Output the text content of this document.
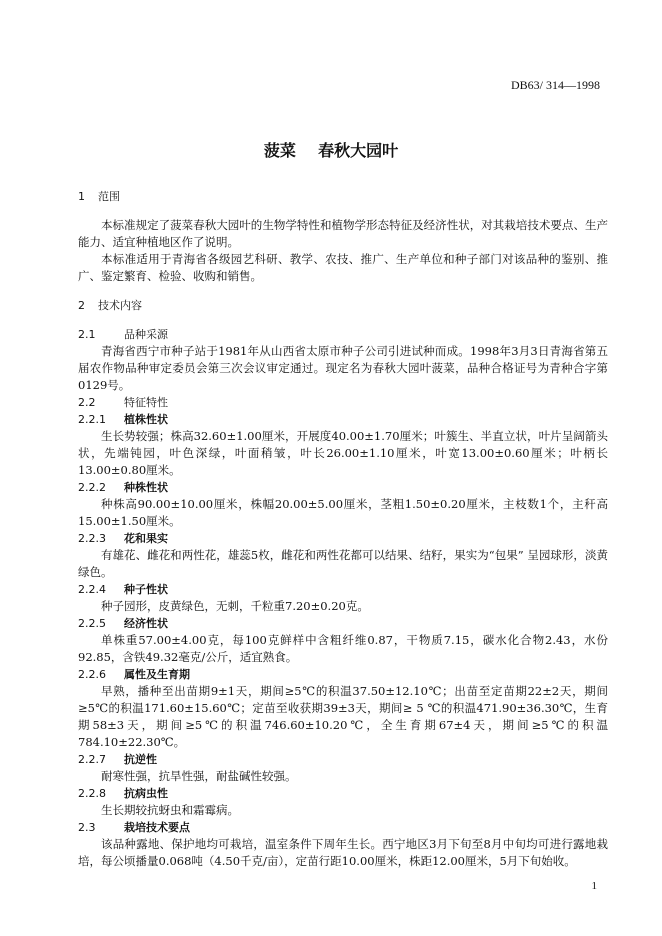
DB63/ 314—1998
菠菜    春秋大园叶
1 范围

本标准规定了菠菜春秋大园叶的生物学特性和植物学形态特征及经济性状，对其栽培技术要点、生产能力、适宜种植地区作了说明。

本标准适用于青海省各级园艺科研、教学、农技、推广、生产单位和种子部门对该品种的鉴别、推广、鉴定繁育、检验、收购和销售。

2 技术内容
2.1	品种采源

青海省西宁市种子站于1981年从山西省太原市种子公司引进试种而成。1998年3月3日青海省第五届农作物品种审定委员会第三次会议审定通过。现定名为春秋大园叶菠菜，品种合格证号为青种合字第0129号。

2.2	特征特性
2.2.1 植株性状

生长势较强；株高32.60±1.00厘米，开展度40.00±1.70厘米；叶簇生、半直立状，叶片呈阔箭头状，先端钝园，叶色深绿，叶面稍皱，叶长26.00±1.10厘米，叶宽13.00±0.60厘米；叶柄长13.00±0.80厘米。

2.2.2 种株性状

种株高90.00±10.00厘米，株幅20.00±5.00厘米，茎粗1.50±0.20厘米，主枝数1个，主秆高15.00±1.50厘米。

2.2.3 花和果实

有雄花、雌花和两性花，雄蕊5枚，雌花和两性花都可以结果、结籽，果实为“包果” 呈园球形，淡黄绿色。

2.2.4 种子性状

种子园形，皮黄绿色，无刺，千粒重7.20±0.20克。

2.2.5 经济性状

单株重57.00±4.00克，每100克鲜样中含粗纤维0.87，干物质7.15，碳水化合物2.43，水份92.85，含铁49.32毫克/公斤，适宜熟食。

2.2.6 属性及生育期

早熟，播种至出苗期9±1天，期间≥5℃的积温37.50±12.10℃；出苗至定苗期22±2天，期间≥5℃的积温171.60±15.60℃；定苗至收获期39±3天，期间≥ 5 ℃的积温471.90±36.30℃，生育期58±3天，期间≥5℃的积温746.60±10.20℃，全生育期67±4天，期间≥5℃的积温784.10±22.30℃。

2.2.7 抗逆性

耐寒性强，抗旱性强，耐盐碱性较强。

2.2.8 抗病虫性

生长期较抗蚜虫和霜霉病。

2.3	栽培技术要点

该品种露地、保护地均可栽培，温室条件下周年生长。西宁地区3月下旬至8月中旬均可进行露地栽培，每公顷播量0.068吨（4.50千克/亩），定苗行距10.00厘米，株距12.00厘米，5月下旬始收。

1
